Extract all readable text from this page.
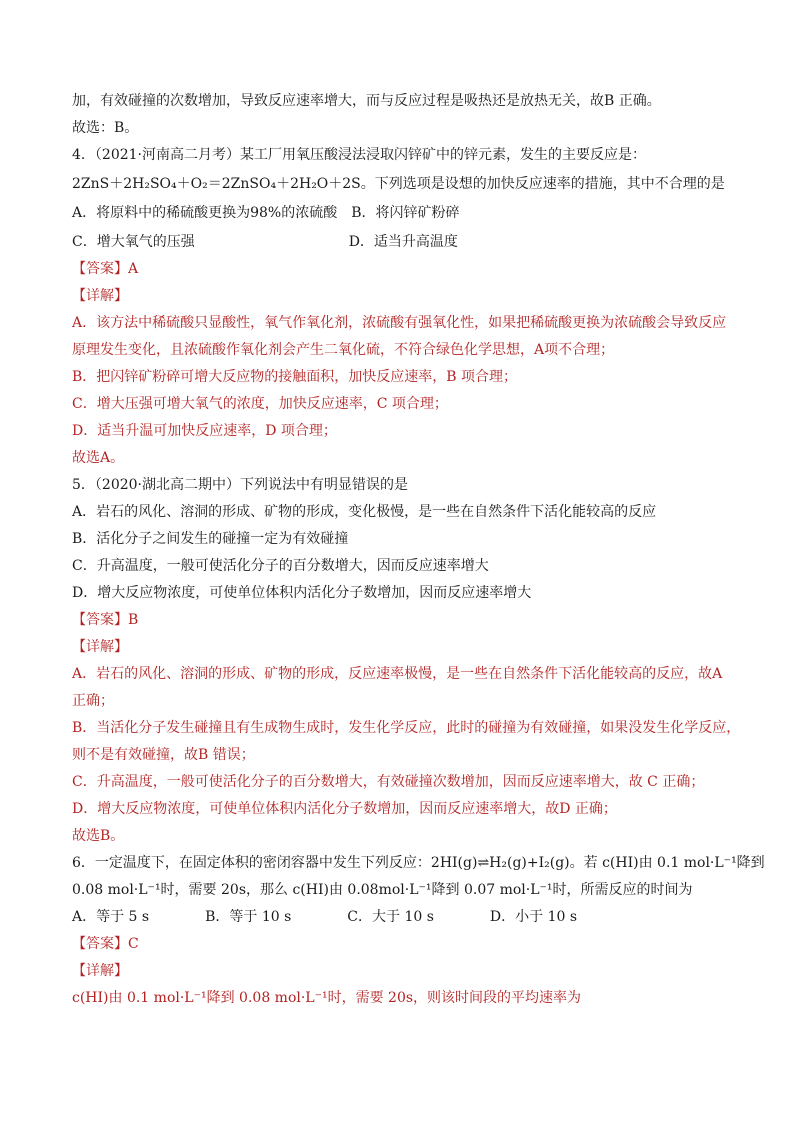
加，有效碰撞的次数增加，导致反应速率增大，而与反应过程是吸热还是放热无关，故B 正确。
故选：B。
4．（2021·河南高二月考）某工厂用氧压酸浸法浸取闪锌矿中的锌元素，发生的主要反应是：
2ZnS＋2H₂SO₄＋O₂＝2ZnSO₄＋2H₂O＋2S。下列选项是设想的加快反应速率的措施，其中不合理的是
A．将原料中的稀硫酸更换为98%的浓硫酸　B．将闪锌矿粉碎
C．增大氧气的压强　　　　　　　　　　　D．适当升高温度
【答案】A
【详解】
A．该方法中稀硫酸只显酸性，氧气作氧化剂，浓硫酸有强氧化性，如果把稀硫酸更换为浓硫酸会导致反应
原理发生变化，且浓硫酸作氧化剂会产生二氧化硫，不符合绿色化学思想，A项不合理；
B．把闪锌矿粉碎可增大反应物的接触面积，加快反应速率，B 项合理；
C．增大压强可增大氧气的浓度，加快反应速率，C 项合理；
D．适当升温可加快反应速率，D 项合理；
故选A。
5．（2020·湖北高二期中）下列说法中有明显错误的是
A．岩石的风化、溶洞的形成、矿物的形成，变化极慢，是一些在自然条件下活化能较高的反应
B．活化分子之间发生的碰撞一定为有效碰撞
C．升高温度，一般可使活化分子的百分数增大，因而反应速率增大
D．增大反应物浓度，可使单位体积内活化分子数增加，因而反应速率增大
【答案】B
【详解】
A．岩石的风化、溶洞的形成、矿物的形成，反应速率极慢，是一些在自然条件下活化能较高的反应，故A
正确；
B．当活化分子发生碰撞且有生成物生成时，发生化学反应，此时的碰撞为有效碰撞，如果没发生化学反应，
则不是有效碰撞，故B 错误；
C．升高温度，一般可使活化分子的百分数增大，有效碰撞次数增加，因而反应速率增大，故 C 正确；
D．增大反应物浓度，可使单位体积内活化分子数增加，因而反应速率增大，故D 正确；
故选B。
6．一定温度下，在固定体积的密闭容器中发生下列反应：2HI(g)⇌H₂(g)+I₂(g)。若 c(HI)由 0.1 mol·L⁻¹降到
0.08 mol·L⁻¹时，需要 20s，那么 c(HI)由 0.08mol·L⁻¹降到 0.07 mol·L⁻¹时，所需反应的时间为
A．等于 5 s　　　　B．等于 10 s　　　　C．大于 10 s　　　　D．小于 10 s
【答案】C
【详解】
c(HI)由 0.1 mol·L⁻¹降到 0.08 mol·L⁻¹时，需要 20s，则该时间段的平均速率为
